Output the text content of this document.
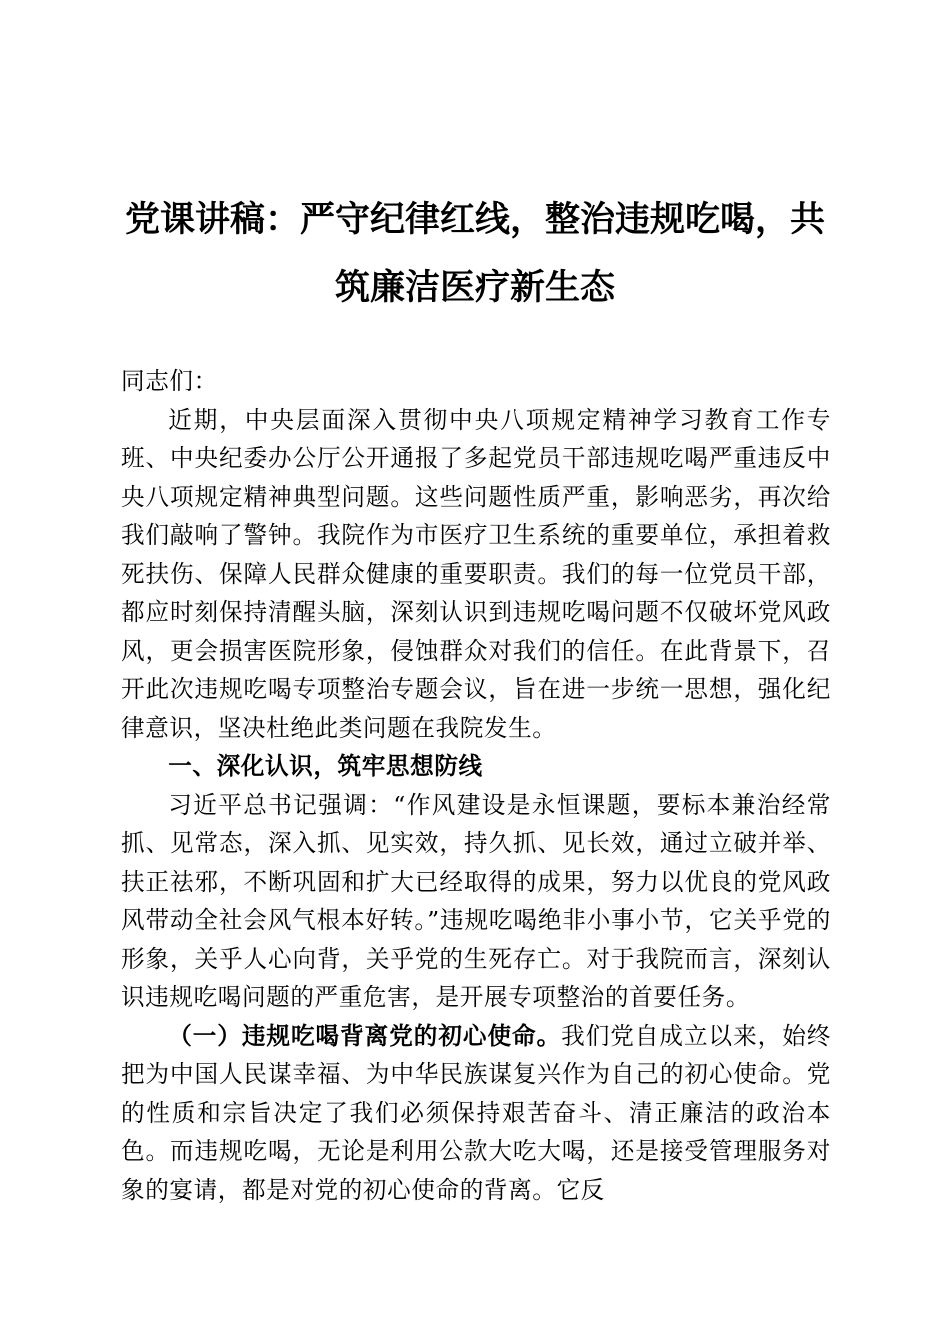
党课讲稿：严守纪律红线，整治违规吃喝，共筑廉洁医疗新生态

同志们：

近期，中央层面深入贯彻中央八项规定精神学习教育工作专班、中央纪委办公厅公开通报了多起党员干部违规吃喝严重违反中央八项规定精神典型问题。这些问题性质严重，影响恶劣，再次给我们敲响了警钟。我院作为市医疗卫生系统的重要单位，承担着救死扶伤、保障人民群众健康的重要职责。我们的每一位党员干部，都应时刻保持清醒头脑，深刻认识到违规吃喝问题不仅破坏党风政风，更会损害医院形象，侵蚀群众对我们的信任。在此背景下，召开此次违规吃喝专项整治专题会议，旨在进一步统一思想，强化纪律意识，坚决杜绝此类问题在我院发生。

一、深化认识，筑牢思想防线

习近平总书记强调：“作风建设是永恒课题，要标本兼治经常抓、见常态，深入抓、见实效，持久抓、见长效，通过立破并举、扶正祛邪，不断巩固和扩大已经取得的成果，努力以优良的党风政风带动全社会风气根本好转。”违规吃喝绝非小事小节，它关乎党的形象，关乎人心向背，关乎党的生死存亡。对于我院而言，深刻认识违规吃喝问题的严重危害，是开展专项整治的首要任务。

（一）违规吃喝背离党的初心使命。我们党自成立以来，始终把为中国人民谋幸福、为中华民族谋复兴作为自己的初心使命。党的性质和宗旨决定了我们必须保持艰苦奋斗、清正廉洁的政治本色。而违规吃喝，无论是利用公款大吃大喝，还是接受管理服务对象的宴请，都是对党的初心使命的背离。它反
